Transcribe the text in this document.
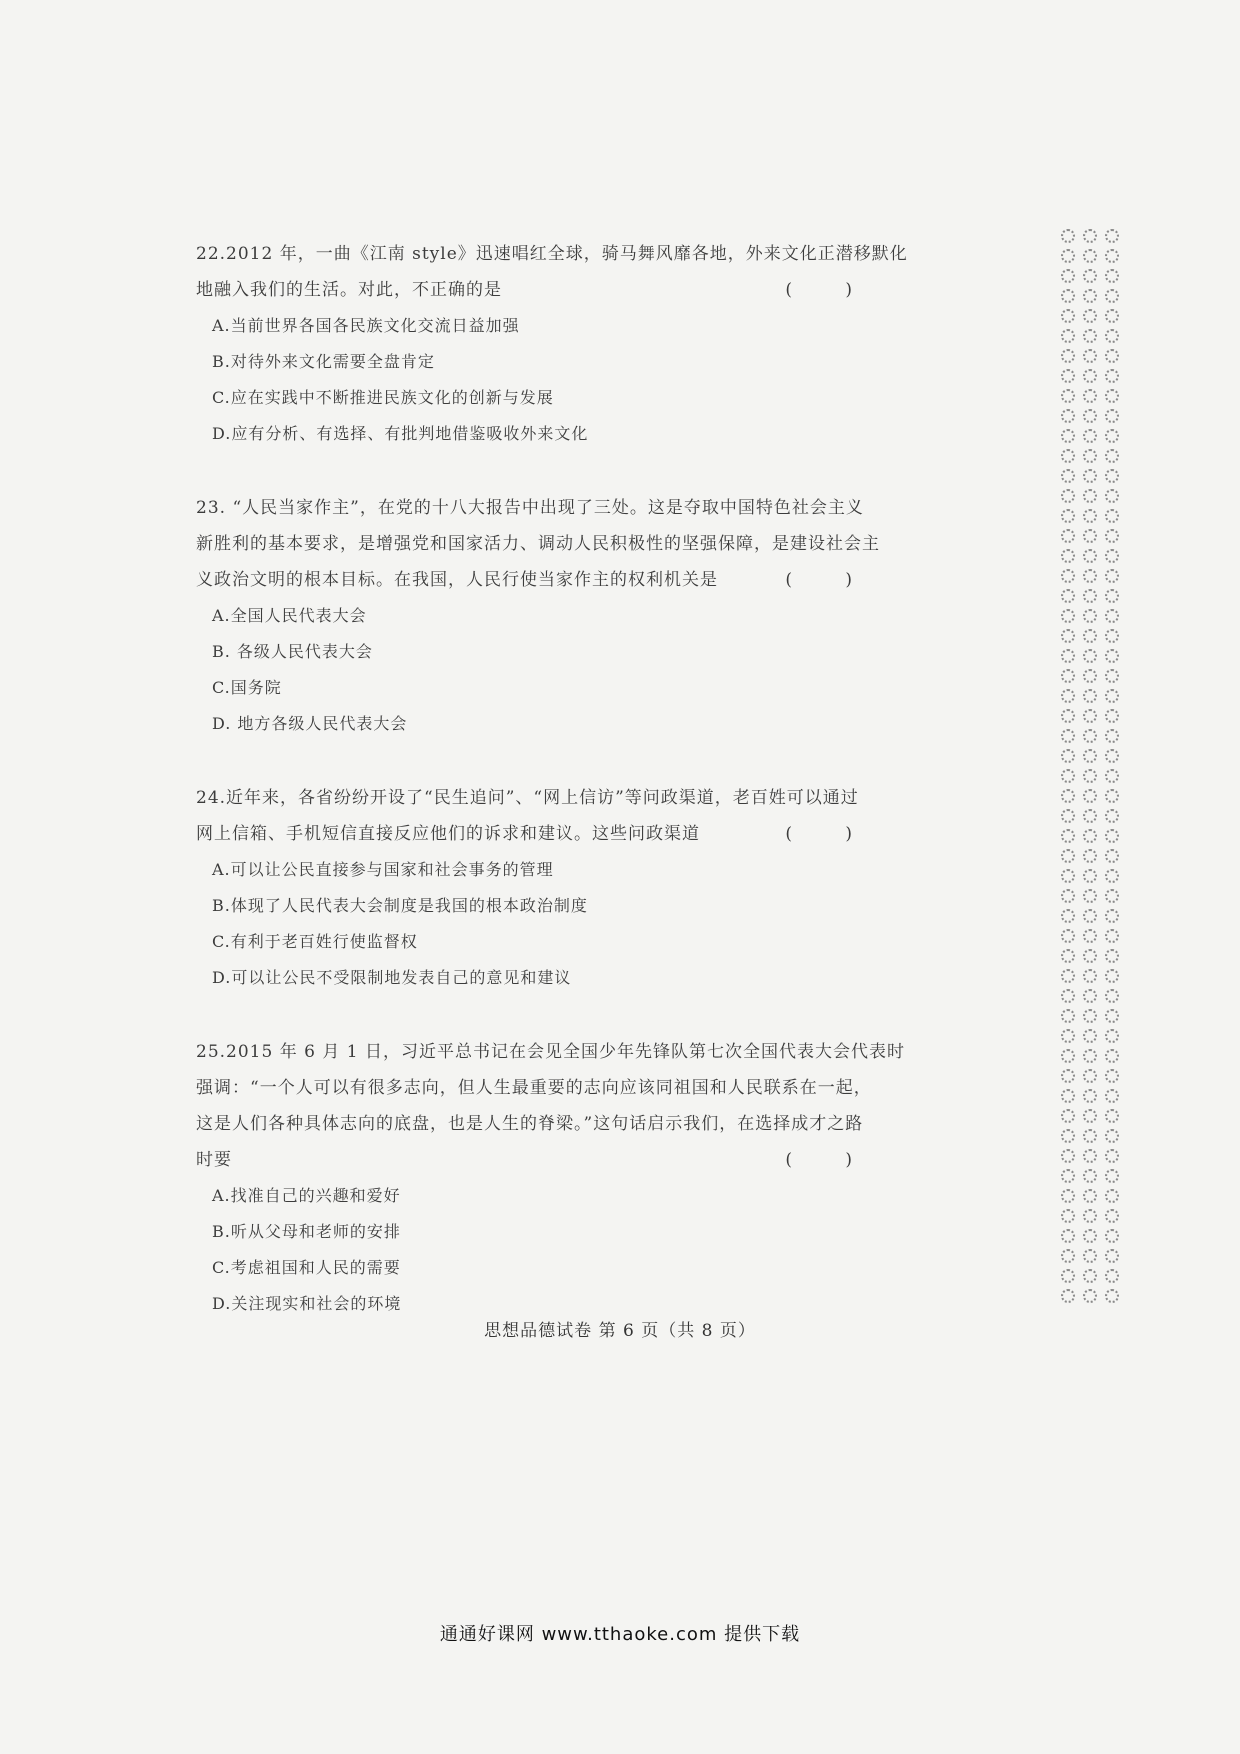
22.2012 年，一曲《江南 style》迅速唱红全球，骑马舞风靡各地，外来文化正潜移默化
地融入我们的生活。对此，不正确的是	( )
A.当前世界各国各民族文化交流日益加强
B.对待外来文化需要全盘肯定
C.应在实践中不断推进民族文化的创新与发展
D.应有分析、有选择、有批判地借鉴吸收外来文化
23. “人民当家作主”，在党的十八大报告中出现了三处。这是夺取中国特色社会主义
新胜利的基本要求，是增强党和国家活力、调动人民积极性的坚强保障，是建设社会主
义政治文明的根本目标。在我国，人民行使当家作主的权利机关是	( )
A.全国人民代表大会
B. 各级人民代表大会
C.国务院
D. 地方各级人民代表大会
24.近年来，各省纷纷开设了“民生追问”、“网上信访”等问政渠道，老百姓可以通过
网上信箱、手机短信直接反应他们的诉求和建议。这些问政渠道	( )
A.可以让公民直接参与国家和社会事务的管理
B.体现了人民代表大会制度是我国的根本政治制度
C.有利于老百姓行使监督权
D.可以让公民不受限制地发表自己的意见和建议
25.2015 年 6 月 1 日，习近平总书记在会见全国少年先锋队第七次全国代表大会代表时
强调：“一个人可以有很多志向，但人生最重要的志向应该同祖国和人民联系在一起，
这是人们各种具体志向的底盘，也是人生的脊梁。”这句话启示我们，在选择成才之路
时要	( )
A.找准自己的兴趣和爱好
B.听从父母和老师的安排
C.考虑祖国和人民的需要
D.关注现实和社会的环境
思想品德试卷 第 6 页（共 8 页）
通通好课网 www.tthaoke.com 提供下载
